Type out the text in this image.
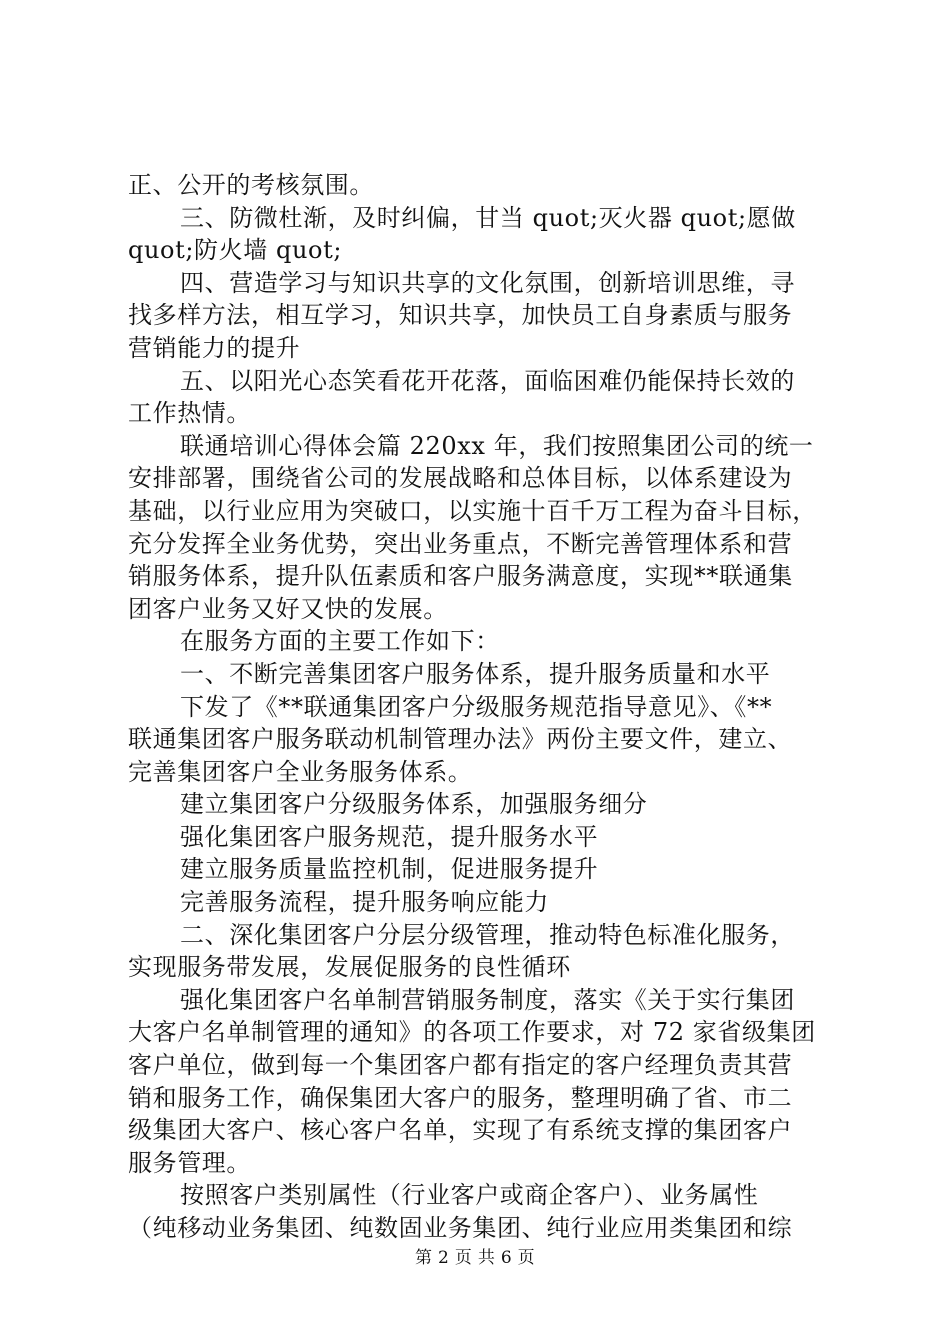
正、公开的考核氛围。
三、防微杜渐，及时纠偏，甘当 quot;灭火器 quot;愿做
quot;防火墙 quot;
四、营造学习与知识共享的文化氛围，创新培训思维，寻
找多样方法，相互学习，知识共享，加快员工自身素质与服务
营销能力的提升
五、以阳光心态笑看花开花落，面临困难仍能保持长效的
工作热情。
联通培训心得体会篇 220xx 年，我们按照集团公司的统一
安排部署，围绕省公司的发展战略和总体目标，以体系建设为
基础，以行业应用为突破口，以实施十百千万工程为奋斗目标，
充分发挥全业务优势，突出业务重点，不断完善管理体系和营
销服务体系，提升队伍素质和客户服务满意度，实现**联通集
团客户业务又好又快的发展。
在服务方面的主要工作如下：
一、不断完善集团客户服务体系，提升服务质量和水平
下发了《**联通集团客户分级服务规范指导意见》、《**
联通集团客户服务联动机制管理办法》两份主要文件，建立、
完善集团客户全业务服务体系。
建立集团客户分级服务体系，加强服务细分
强化集团客户服务规范，提升服务水平
建立服务质量监控机制，促进服务提升
完善服务流程，提升服务响应能力
二、深化集团客户分层分级管理，推动特色标准化服务，
实现服务带发展，发展促服务的良性循环
强化集团客户名单制营销服务制度，落实《关于实行集团
大客户名单制管理的通知》的各项工作要求，对 72 家省级集团
客户单位，做到每一个集团客户都有指定的客户经理负责其营
销和服务工作，确保集团大客户的服务，整理明确了省、市二
级集团大客户、核心客户名单，实现了有系统支撑的集团客户
服务管理。
按照客户类别属性（行业客户或商企客户）、业务属性
（纯移动业务集团、纯数固业务集团、纯行业应用类集团和综
第 2 页 共 6 页
